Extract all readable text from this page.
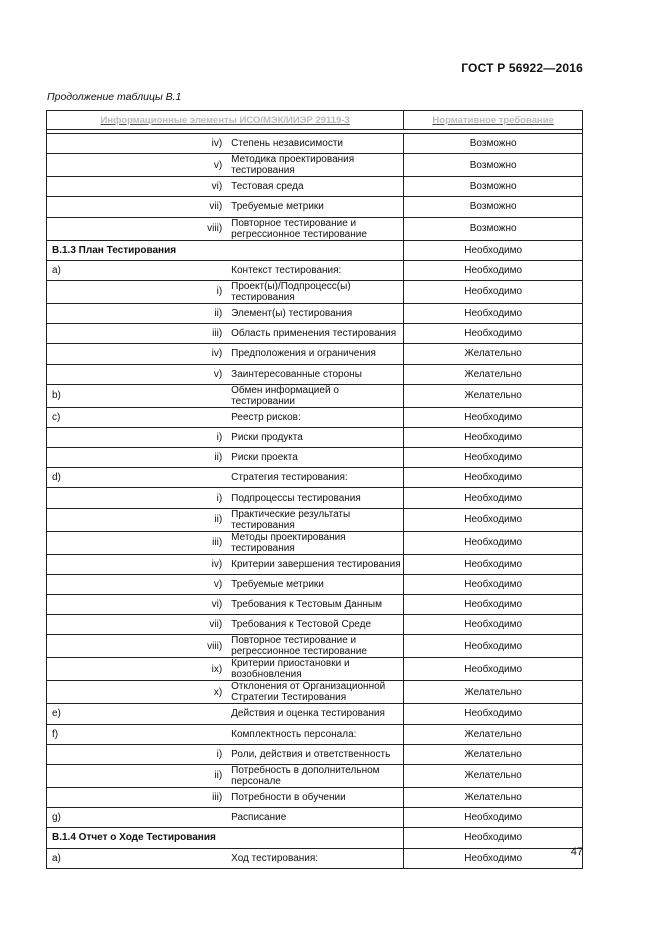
ГОСТ Р 56922—2016
Продолжение таблицы В.1
Информационные элементы ИСО/МЭК/ИИЭР 29119-3		Нормативное требование

iv)	Степень независимости	Возможно
v)	Методика проектирования тестирования	Возможно
vi)	Тестовая среда	Возможно
vii)	Требуемые метрики	Возможно
viii)	Повторное тестирование и регрессионное тестирование	Возможно
В.1.3 План Тестирования		Необходимо
a)	Контекст тестирования:	Необходимо
i)	Проект(ы)/Подпроцесс(ы) тестирования	Необходимо
ii)	Элемент(ы) тестирования	Необходимо
iii)	Область применения тестирования	Необходимо
iv)	Предположения и ограничения	Желательно
v)	Заинтересованные стороны	Желательно
b)	Обмен информацией о тестировании	Желательно
c)	Реестр рисков:	Необходимо
i)	Риски продукта	Необходимо
ii)	Риски проекта	Необходимо
d)	Стратегия тестирования:	Необходимо
i)	Подпроцессы тестирования	Необходимо
ii)	Практические результаты тестирования	Необходимо
iii)	Методы проектирования тестирования	Необходимо
iv)	Критерии завершения тестирования	Необходимо
v)	Требуемые метрики	Необходимо
vi)	Требования к Тестовым Данным	Необходимо
vii)	Требования к Тестовой Среде	Необходимо
viii)	Повторное тестирование и регрессионное тестирование	Необходимо
ix)	Критерии приостановки и возобновления	Необходимо
x)	Отклонения от Организационной Стратегии Тестирования	Желательно
e)	Действия и оценка тестирования	Необходимо
f)	Комплектность персонала:	Желательно
i)	Роли, действия и ответственность	Желательно
ii)	Потребность в дополнительном персонале	Желательно
iii)	Потребности в обучении	Желательно
g)	Расписание	Необходимо
В.1.4 Отчет о Ходе Тестирования		Необходимо
a)	Ход тестирования:	Необходимо
47
